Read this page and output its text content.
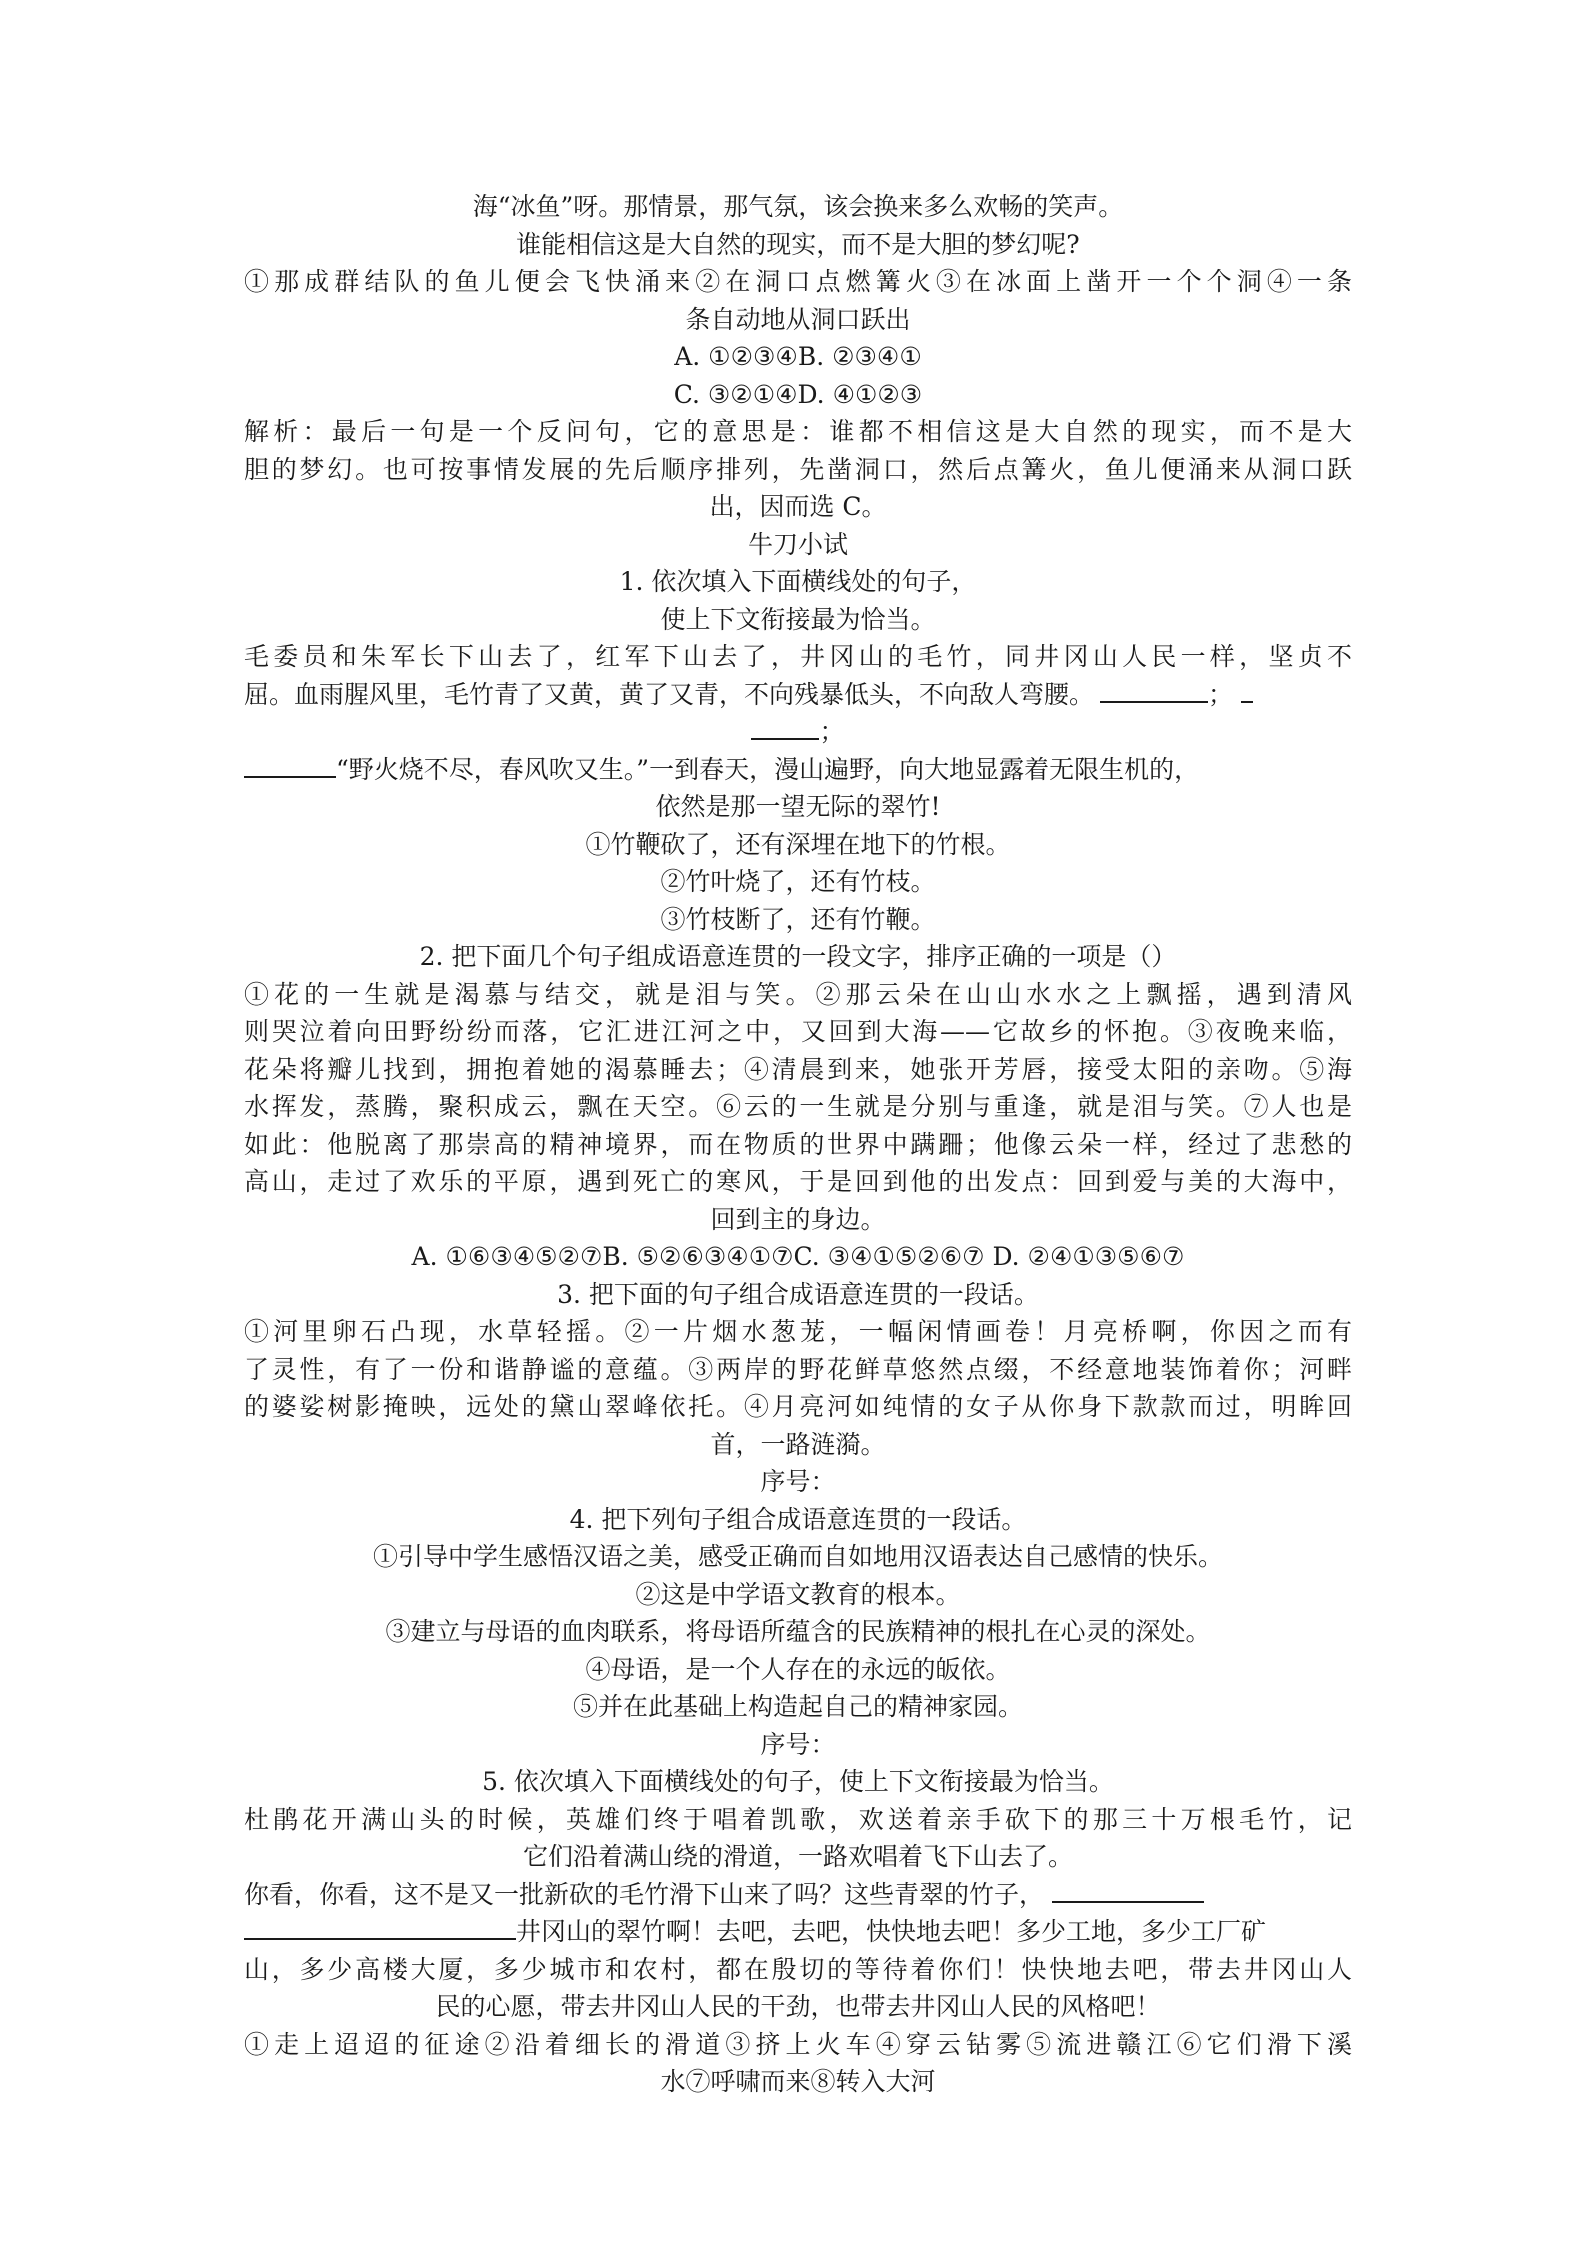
海“冰鱼”呀。那情景，那气氛，该会换来多么欢畅的笑声。
谁能相信这是大自然的现实，而不是大胆的梦幻呢?
①那成群结队的鱼儿便会飞快涌来②在洞口点燃篝火③在冰面上凿开一个个洞④一条
条自动地从洞口跃出
A. ①②③④B. ②③④①
C. ③②①④D. ④①②③
解析：最后一句是一个反问句，它的意思是：谁都不相信这是大自然的现实，而不是大
胆的梦幻。也可按事情发展的先后顺序排列，先凿洞口，然后点篝火，鱼儿便涌来从洞口跃
出，因而选 C。
牛刀小试
1. 依次填入下面横线处的句子，
使上下文衔接最为恰当。
毛委员和朱军长下山去了，红军下山去了，井冈山的毛竹，同井冈山人民一样，坚贞不
屈。血雨腥风里，毛竹青了又黄，黄了又青，不向残暴低头，不向敌人弯腰。	；
；
“野火烧不尽，春风吹又生。”一到春天，漫山遍野，向大地显露着无限生机的，
依然是那一望无际的翠竹!
①竹鞭砍了，还有深埋在地下的竹根。
②竹叶烧了，还有竹枝。
③竹枝断了，还有竹鞭。
2. 把下面几个句子组成语意连贯的一段文字，排序正确的一项是（）
①花的一生就是渴慕与结交，就是泪与笑。②那云朵在山山水水之上飘摇，遇到清风
则哭泣着向田野纷纷而落，它汇进江河之中，又回到大海——它故乡的怀抱。③夜晚来临，
花朵将瓣儿找到，拥抱着她的渴慕睡去；④清晨到来，她张开芳唇，接受太阳的亲吻。⑤海
水挥发，蒸腾，聚积成云，飘在天空。⑥云的一生就是分别与重逢，就是泪与笑。⑦人也是
如此：他脱离了那崇高的精神境界，而在物质的世界中蹒跚；他像云朵一样，经过了悲愁的
高山，走过了欢乐的平原，遇到死亡的寒风，于是回到他的出发点：回到爱与美的大海中，
回到主的身边。
A. ①⑥③④⑤②⑦B. ⑤②⑥③④①⑦C. ③④①⑤②⑥⑦ D. ②④①③⑤⑥⑦
3. 把下面的句子组合成语意连贯的一段话。
①河里卵石凸现，水草轻摇。②一片烟水葱茏，一幅闲情画卷！月亮桥啊，你因之而有
了灵性，有了一份和谐静谧的意蕴。③两岸的野花鲜草悠然点缀，不经意地装饰着你；河畔
的婆娑树影掩映，远处的黛山翠峰依托。④月亮河如纯情的女子从你身下款款而过，明眸回
首，一路涟漪。
序号：
4. 把下列句子组合成语意连贯的一段话。
①引导中学生感悟汉语之美，感受正确而自如地用汉语表达自己感情的快乐。
②这是中学语文教育的根本。
③建立与母语的血肉联系，将母语所蕴含的民族精神的根扎在心灵的深处。
④母语，是一个人存在的永远的皈依。
⑤并在此基础上构造起自己的精神家园。
序号：
5. 依次填入下面横线处的句子，使上下文衔接最为恰当。
杜鹃花开满山头的时候，英雄们终于唱着凯歌，欢送着亲手砍下的那三十万根毛竹，记
它们沿着满山绕的滑道，一路欢唱着飞下山去了。
你看，你看，这不是又一批新砍的毛竹滑下山来了吗？这些青翠的竹子，
井冈山的翠竹啊！去吧，去吧，快快地去吧！多少工地，多少工厂矿
山，多少高楼大厦，多少城市和农村，都在殷切的等待着你们！快快地去吧，带去井冈山人
民的心愿，带去井冈山人民的干劲，也带去井冈山人民的风格吧！
①走上迢迢的征途②沿着细长的滑道③挤上火车④穿云钻雾⑤流进赣江⑥它们滑下溪
水⑦呼啸而来⑧转入大河
